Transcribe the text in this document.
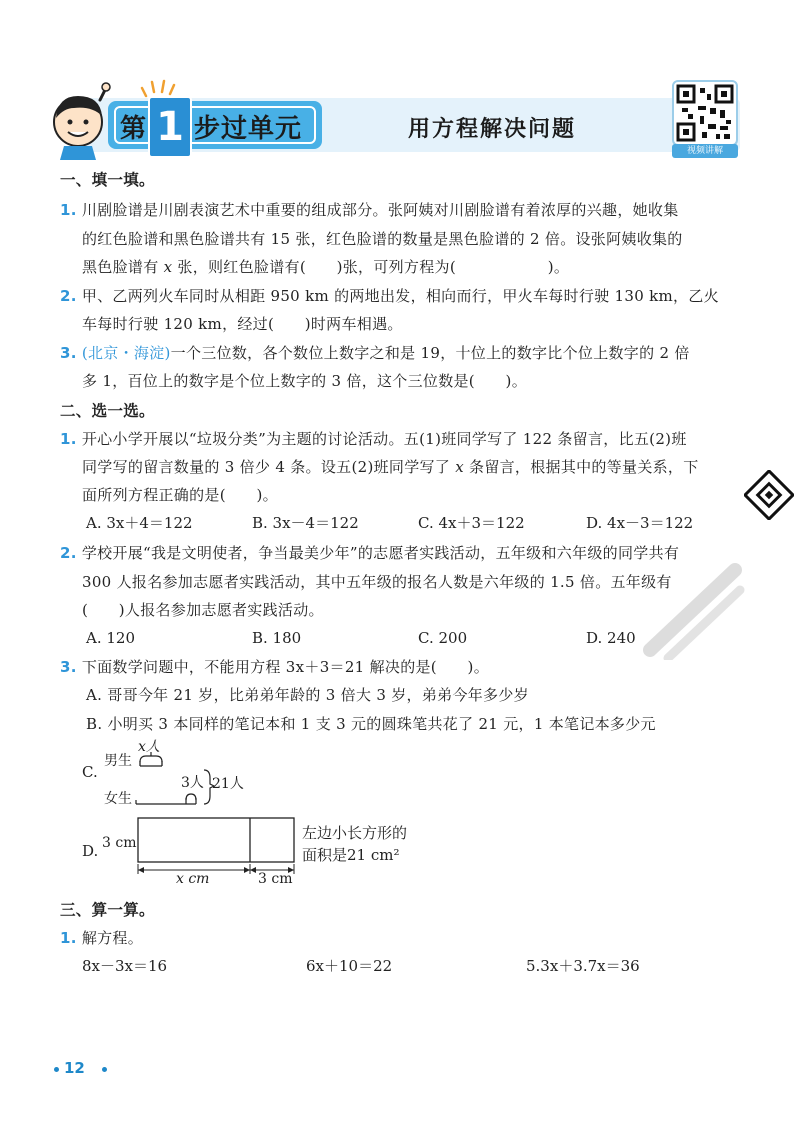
第 1 步过单元	用方程解决问题
视频讲解
一、填一填。
1. 川剧脸谱是川剧表演艺术中重要的组成部分。张阿姨对川剧脸谱有着浓厚的兴趣，她收集
的红色脸谱和黑色脸谱共有 15 张，红色脸谱的数量是黑色脸谱的 2 倍。设张阿姨收集的
黑色脸谱有 x 张，则红色脸谱有(　　)张，可列方程为(　　　　　　)。
2. 甲、乙两列火车同时从相距 950 km 的两地出发，相向而行，甲火车每时行驶 130 km，乙火
车每时行驶 120 km，经过(　　)时两车相遇。
3. (北京・海淀)一个三位数，各个数位上数字之和是 19，十位上的数字比个位上数字的 2 倍
多 1，百位上的数字是个位上数字的 3 倍，这个三位数是(　　)。
二、选一选。
1. 开心小学开展以“垃圾分类”为主题的讨论活动。五(1)班同学写了 122 条留言，比五(2)班
同学写的留言数量的 3 倍少 4 条。设五(2)班同学写了 x 条留言，根据其中的等量关系，下
面所列方程正确的是(　　)。
A. 3x＋4＝122	B. 3x－4＝122	C. 4x＋3＝122	D. 4x－3＝122
2. 学校开展“我是文明使者，争当最美少年”的志愿者实践活动，五年级和六年级的同学共有
300 人报名参加志愿者实践活动，其中五年级的报名人数是六年级的 1.5 倍。五年级有
(　　)人报名参加志愿者实践活动。
A. 120	B. 180	C. 200	D. 240
3. 下面数学问题中，不能用方程 3x＋3＝21 解决的是(　　)。
A. 哥哥今年 21 岁，比弟弟年龄的 3 倍大 3 岁，弟弟今年多少岁
B. 小明买 3 本同样的笔记本和 1 支 3 元的圆珠笔共花了 21 元，1 本笔记本多少元
C.
男生
x人
女生
3人 21人
D. 3 cm
x cm	3 cm
左边小长方形的
面积是21 cm²
三、算一算。
1. 解方程。
8x－3x＝16	6x＋10＝22	5.3x＋3.7x＝36
12
